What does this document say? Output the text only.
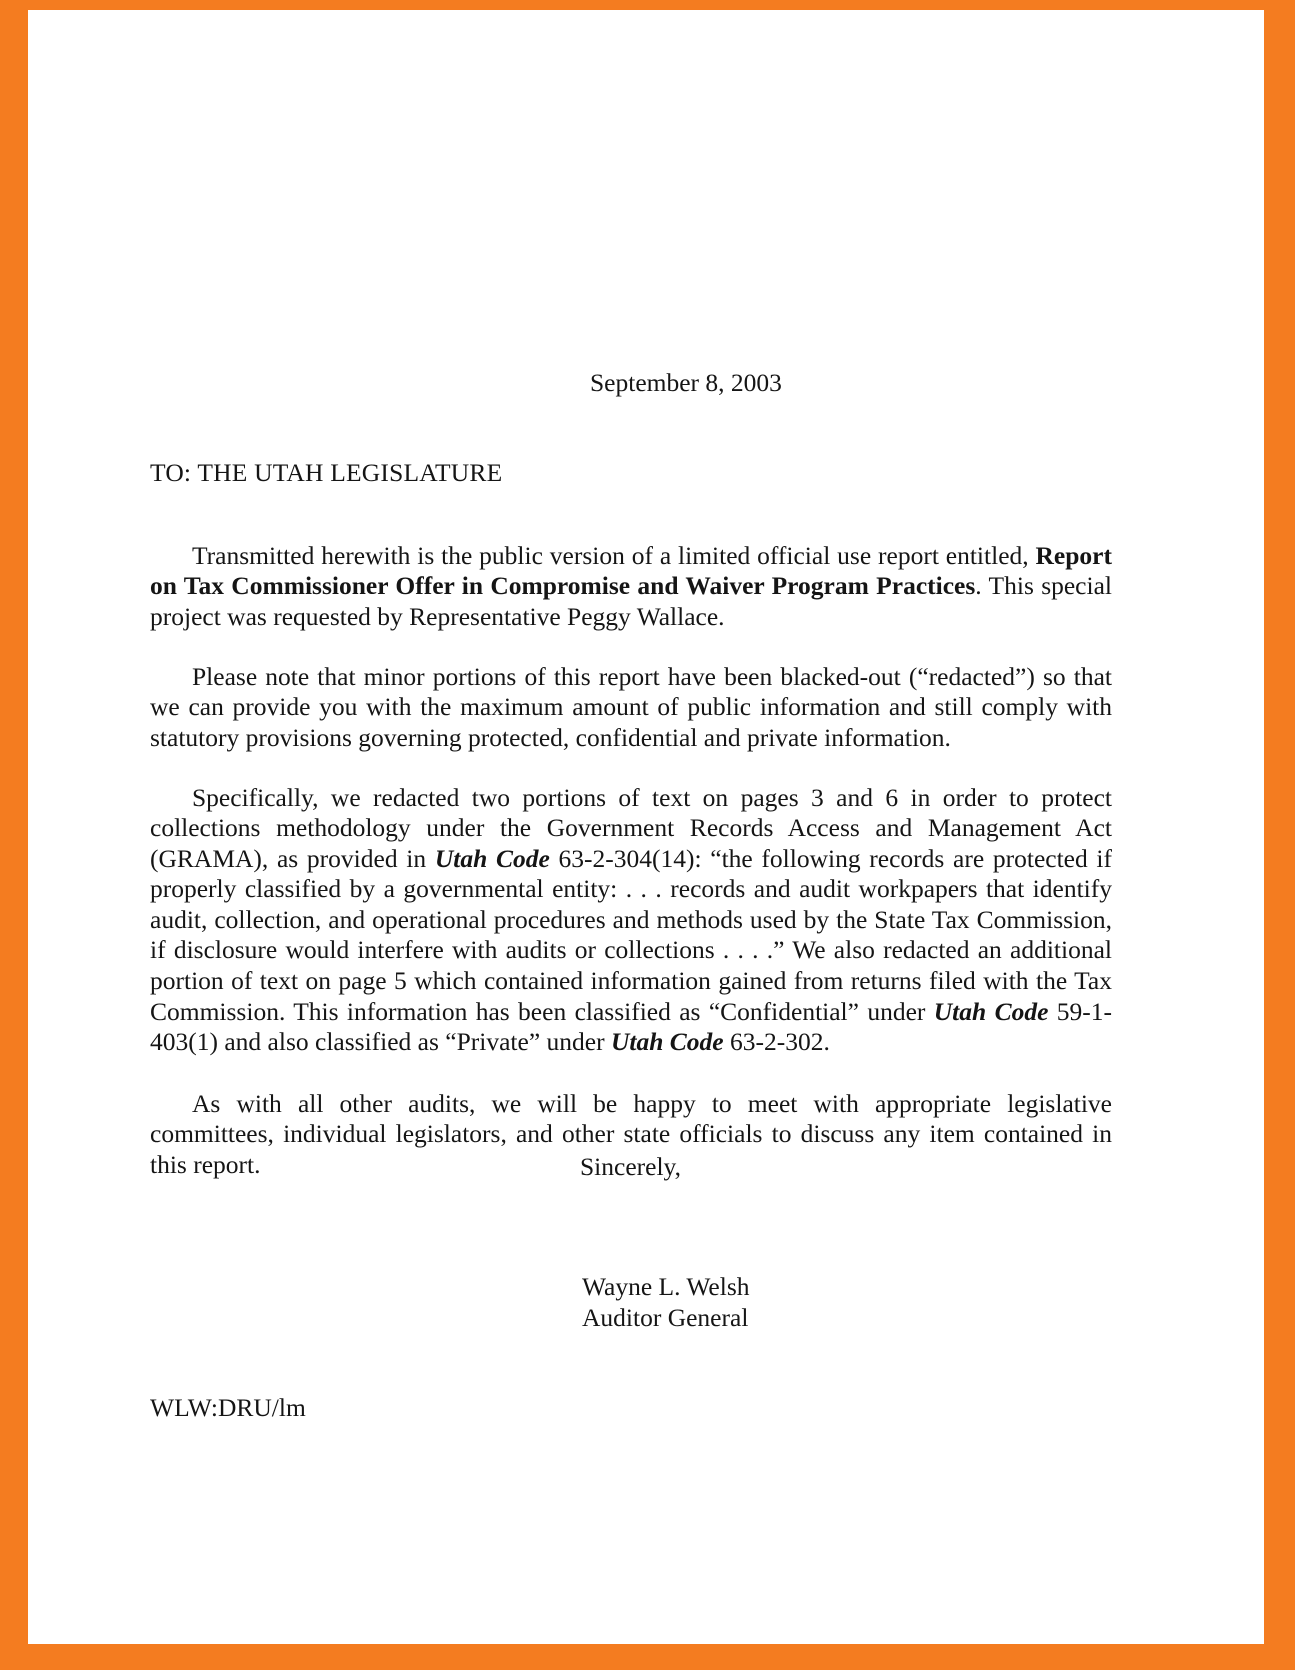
September 8, 2003
TO: THE UTAH LEGISLATURE

Transmitted herewith is the public version of a limited official use report entitled, Report on Tax Commissioner Offer in Compromise and Waiver Program Practices. This special project was requested by Representative Peggy Wallace.

Please note that minor portions of this report have been blacked-out (“redacted”) so that we can provide you with the maximum amount of public information and still comply with statutory provisions governing protected, confidential and private information.

Specifically, we redacted two portions of text on pages 3 and 6 in order to protect collections methodology under the Government Records Access and Management Act (GRAMA), as provided in Utah Code 63-2-304(14): “the following records are protected if properly classified by a governmental entity: . . . records and audit workpapers that identify audit, collection, and operational procedures and methods used by the State Tax Commission, if disclosure would interfere with audits or collections . . . .” We also redacted an additional portion of text on page 5 which contained information gained from returns filed with the Tax Commission. This information has been classified as “Confidential” under Utah Code 59-1-403(1) and also classified as “Private” under Utah Code 63-2-302.

As with all other audits, we will be happy to meet with appropriate legislative committees, individual legislators, and other state officials to discuss any item contained in this report.	Sincerely,
Wayne L. Welsh
Auditor General
WLW:DRU/lm
